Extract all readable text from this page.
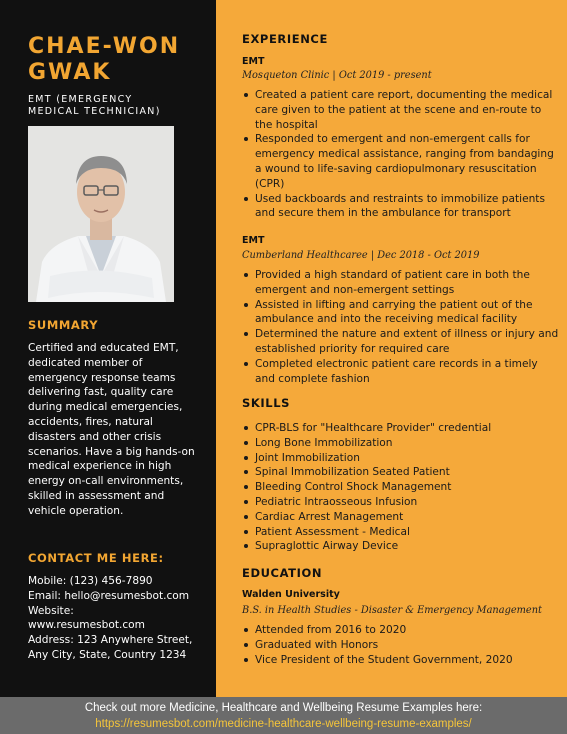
CHAE-WON
GWAK
EMT (EMERGENCY
MEDICAL TECHNICIAN)
SUMMARY
Certified and educated EMT, dedicated member of emergency response teams delivering fast, quality care during medical emergencies, accidents, fires, natural disasters and other crisis scenarios. Have a big hands-on medical experience in high energy on-call environments, skilled in assessment and vehicle operation.
CONTACT ME HERE:
Mobile: (123) 456-7890
Email: hello@resumesbot.com
Website:
www.resumesbot.com
Address: 123 Anywhere Street,
Any City, State, Country 1234
EXPERIENCE
EMT
Mosqueton Clinic | Oct 2019 - present
Created a patient care report, documenting the medical care given to the patient at the scene and en-route to the hospital
Responded to emergent and non-emergent calls for emergency medical assistance, ranging from bandaging a wound to life-saving cardiopulmonary resuscitation (CPR)
Used backboards and restraints to immobilize patients and secure them in the ambulance for transport
EMT
Cumberland Healthcaree | Dec 2018 - Oct 2019
Provided a high standard of patient care in both the emergent and non-emergent settings
Assisted in lifting and carrying the patient out of the ambulance and into the receiving medical facility
Determined the nature and extent of illness or injury and established priority for required care
Completed electronic patient care records in a timely and complete fashion
SKILLS
CPR-BLS for "Healthcare Provider" credential
Long Bone Immobilization
Joint Immobilization
Spinal Immobilization Seated Patient
Bleeding Control Shock Management
Pediatric Intraosseous Infusion
Cardiac Arrest Management
Patient Assessment - Medical
Supraglottic Airway Device
EDUCATION
Walden University
B.S. in Health Studies - Disaster & Emergency Management
Attended from 2016 to 2020
Graduated with Honors
Vice President of the Student Government, 2020
Check out more Medicine, Healthcare and Wellbeing Resume Examples here:
https://resumesbot.com/medicine-healthcare-wellbeing-resume-examples/
